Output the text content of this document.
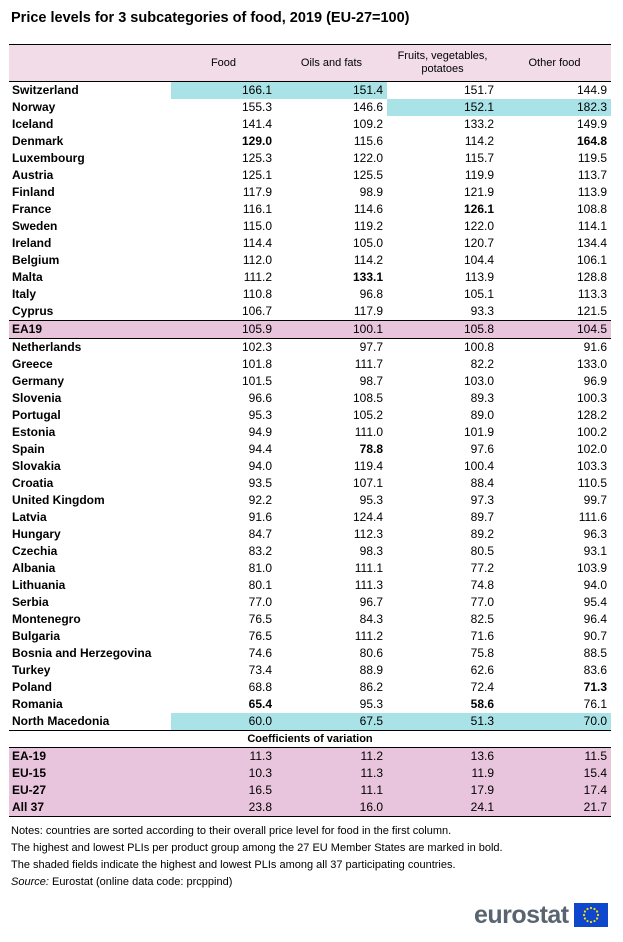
Price levels for 3 subcategories of food, 2019 (EU-27=100)
	Food	Oils and fats	Fruits, vegetables, potatoes	Other food
Switzerland	166.1	151.4	151.7	144.9
Norway	155.3	146.6	152.1	182.3
Iceland	141.4	109.2	133.2	149.9
Denmark	129.0	115.6	114.2	164.8
Luxembourg	125.3	122.0	115.7	119.5
Austria	125.1	125.5	119.9	113.7
Finland	117.9	98.9	121.9	113.9
France	116.1	114.6	126.1	108.8
Sweden	115.0	119.2	122.0	114.1
Ireland	114.4	105.0	120.7	134.4
Belgium	112.0	114.2	104.4	106.1
Malta	111.2	133.1	113.9	128.8
Italy	110.8	96.8	105.1	113.3
Cyprus	106.7	117.9	93.3	121.5
EA19	105.9	100.1	105.8	104.5
Netherlands	102.3	97.7	100.8	91.6
Greece	101.8	111.7	82.2	133.0
Germany	101.5	98.7	103.0	96.9
Slovenia	96.6	108.5	89.3	100.3
Portugal	95.3	105.2	89.0	128.2
Estonia	94.9	111.0	101.9	100.2
Spain	94.4	78.8	97.6	102.0
Slovakia	94.0	119.4	100.4	103.3
Croatia	93.5	107.1	88.4	110.5
United Kingdom	92.2	95.3	97.3	99.7
Latvia	91.6	124.4	89.7	111.6
Hungary	84.7	112.3	89.2	96.3
Czechia	83.2	98.3	80.5	93.1
Albania	81.0	111.1	77.2	103.9
Lithuania	80.1	111.3	74.8	94.0
Serbia	77.0	96.7	77.0	95.4
Montenegro	76.5	84.3	82.5	96.4
Bulgaria	76.5	111.2	71.6	90.7
Bosnia and Herzegovina	74.6	80.6	75.8	88.5
Turkey	73.4	88.9	62.6	83.6
Poland	68.8	86.2	72.4	71.3
Romania	65.4	95.3	58.6	76.1
North Macedonia	60.0	67.5	51.3	70.0
Coefficients of variation				
EA-19	11.3	11.2	13.6	11.5
EU-15	10.3	11.3	11.9	15.4
EU-27	16.5	11.1	17.9	17.4
All 37	23.8	16.0	24.1	21.7
Notes: countries are sorted according to their overall price level for food in the first column.
The highest and lowest PLIs per product group among the 27 EU Member States are marked in bold.
The shaded fields indicate the highest and lowest PLIs among all 37 participating countries.
Source: Eurostat (online data code: prcppind)
eurostat
